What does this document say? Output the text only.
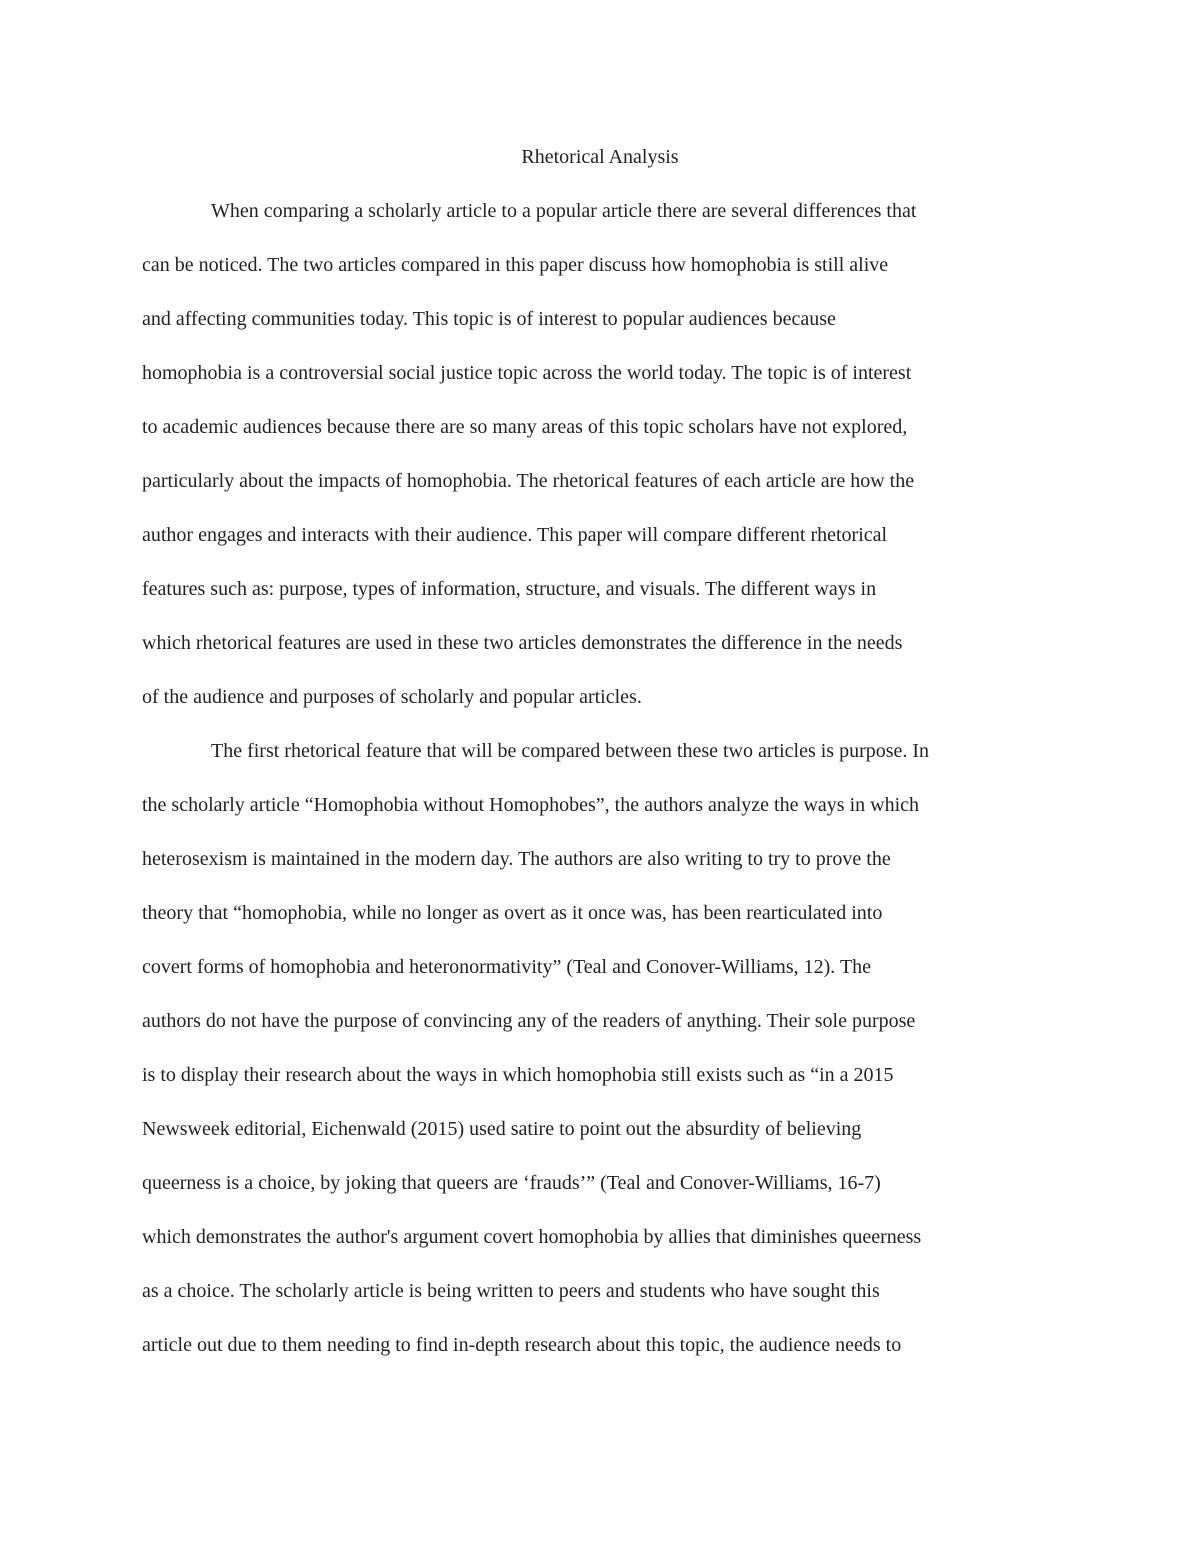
Rhetorical Analysis

When comparing a scholarly article to a popular article there are several differences that

can be noticed. The two articles compared in this paper discuss how homophobia is still alive

and affecting communities today. This topic is of interest to popular audiences because

homophobia is a controversial social justice topic across the world today. The topic is of interest

to academic audiences because there are so many areas of this topic scholars have not explored,

particularly about the impacts of homophobia. The rhetorical features of each article are how the

author engages and interacts with their audience. This paper will compare different rhetorical

features such as: purpose, types of information, structure, and visuals. The different ways in

which rhetorical features are used in these two articles demonstrates the difference in the needs

of the audience and purposes of scholarly and popular articles.

The first rhetorical feature that will be compared between these two articles is purpose. In

the scholarly article “Homophobia without Homophobes”, the authors analyze the ways in which

heterosexism is maintained in the modern day. The authors are also writing to try to prove the

theory that “homophobia, while no longer as overt as it once was, has been rearticulated into

covert forms of homophobia and heteronormativity” (Teal and Conover-Williams, 12). The

authors do not have the purpose of convincing any of the readers of anything. Their sole purpose

is to display their research about the ways in which homophobia still exists such as “in a 2015

Newsweek editorial, Eichenwald (2015) used satire to point out the absurdity of believing

queerness is a choice, by joking that queers are ‘frauds’” (Teal and Conover-Williams, 16-7)

which demonstrates the author's argument covert homophobia by allies that diminishes queerness

as a choice. The scholarly article is being written to peers and students who have sought this

article out due to them needing to find in-depth research about this topic, the audience needs to
